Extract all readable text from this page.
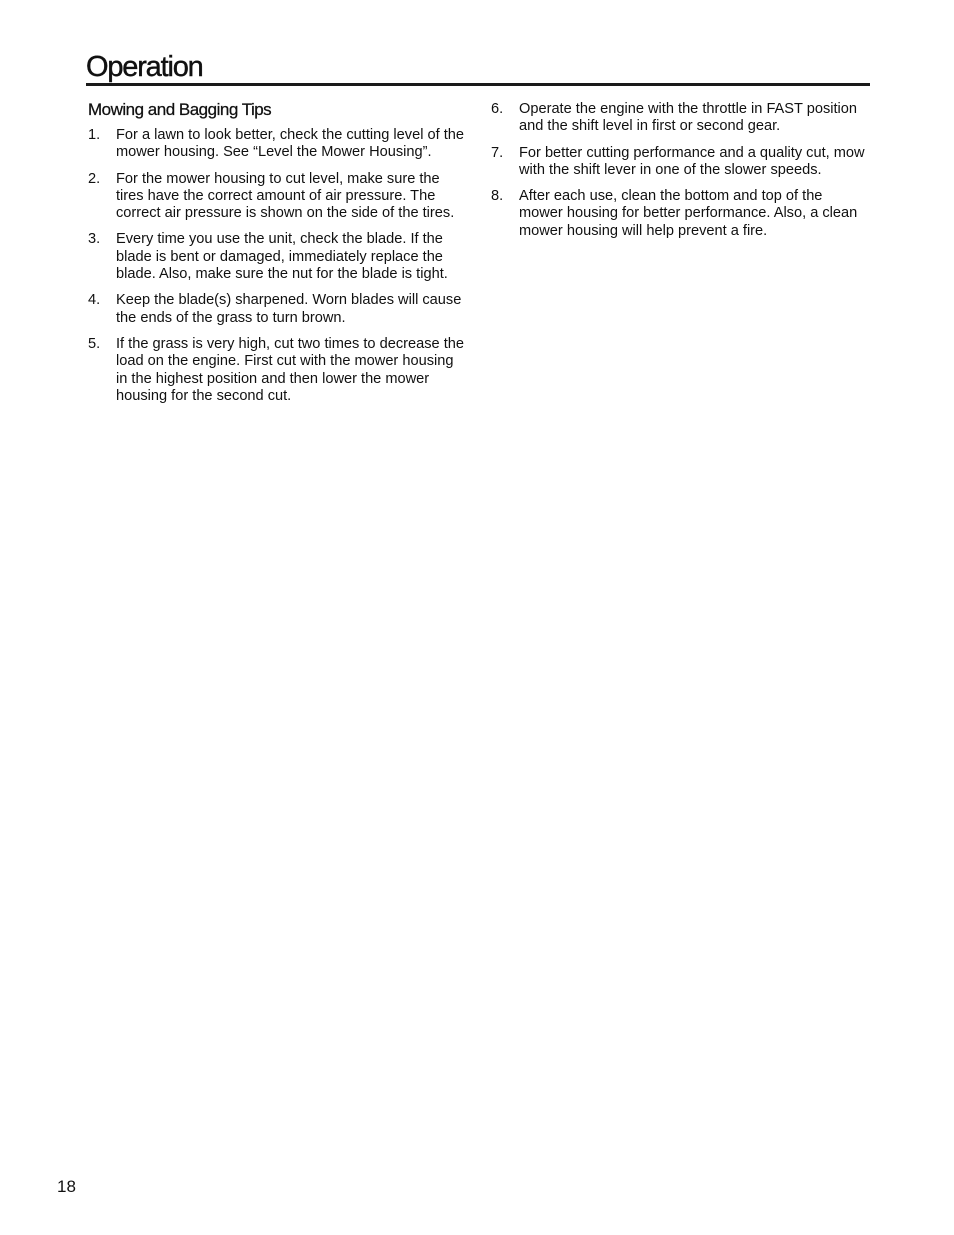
Operation
Mowing and Bagging Tips
1. For a lawn to look better, check the cutting level of the mower housing. See “Level the Mower Housing”.
2. For the mower housing to cut level, make sure the tires have the correct amount of air pressure. The correct air pressure is shown on the side of the tires.
3. Every time you use the unit, check the blade. If the blade is bent or damaged, immediately replace the blade. Also, make sure the nut for the blade is tight.
4. Keep the blade(s) sharpened. Worn blades will cause the ends of the grass to turn brown.
5. If the grass is very high, cut two times to decrease the load on the engine. First cut with the mower housing in the highest position and then lower the mower housing for the second cut.
6. Operate the engine with the throttle in FAST position and the shift level in first or second gear.
7. For better cutting performance and a quality cut, mow with the shift lever in one of the slower speeds.
8. After each use, clean the bottom and top of the mower housing for better performance. Also, a clean mower housing will help prevent a fire.
18
